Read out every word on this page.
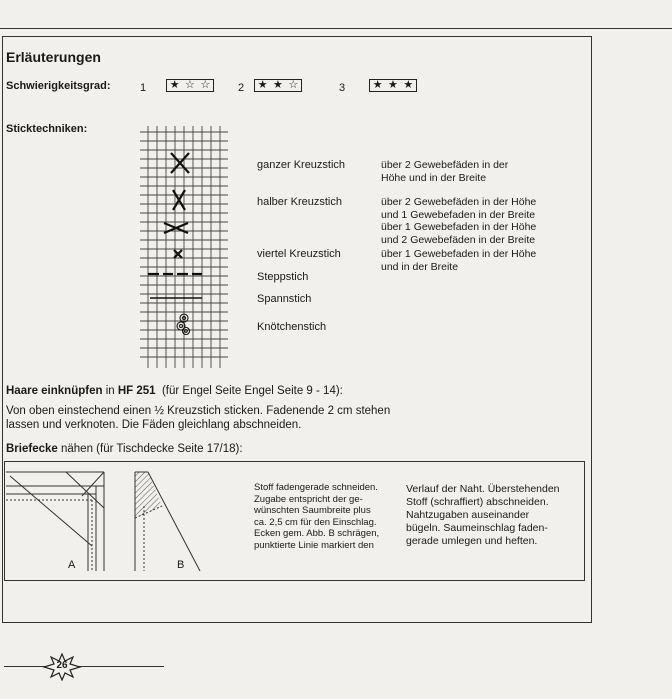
Erläuterungen
Schwierigkeitsgrad:	1 ★ ☆ ☆	2 ★ ★ ☆	3	★ ★ ★
Sticktechniken:
ganzer Kreuzstich	über 2 Gewebefäden in der
Höhe und in der Breite
halber Kreuzstich	über 2 Gewebefäden in der Höhe
und 1 Gewebefaden in der Breite
über 1 Gewebefaden in der Höhe
und 2 Gewebefäden in der Breite
viertel Kreuzstich	über 1 Gewebefaden in der Höhe
und in der Breite
Steppstich
Spannstich
Knötchenstich
Haare einknüpfen in HF 251  (für Engel Seite Engel Seite 9 - 14):
Von oben einstechend einen ½ Kreuzstich sticken. Fadenende 2 cm stehen
lassen und verknoten. Die Fäden gleichlang abschneiden.
Briefecke nähen (für Tischdecke Seite 17/18):
A	B
Stoff fadengerade schneiden.
Zugabe entspricht der ge-
wünschten Saumbreite plus
ca. 2,5 cm für den Einschlag.
Ecken gem. Abb. B schrägen,
punktierte Linie markiert den
Verlauf der Naht. Überstehenden
Stoff (schraffiert) abschneiden.
Nahtzugaben auseinander
bügeln. Saumeinschlag faden-
gerade umlegen und heften.
26
